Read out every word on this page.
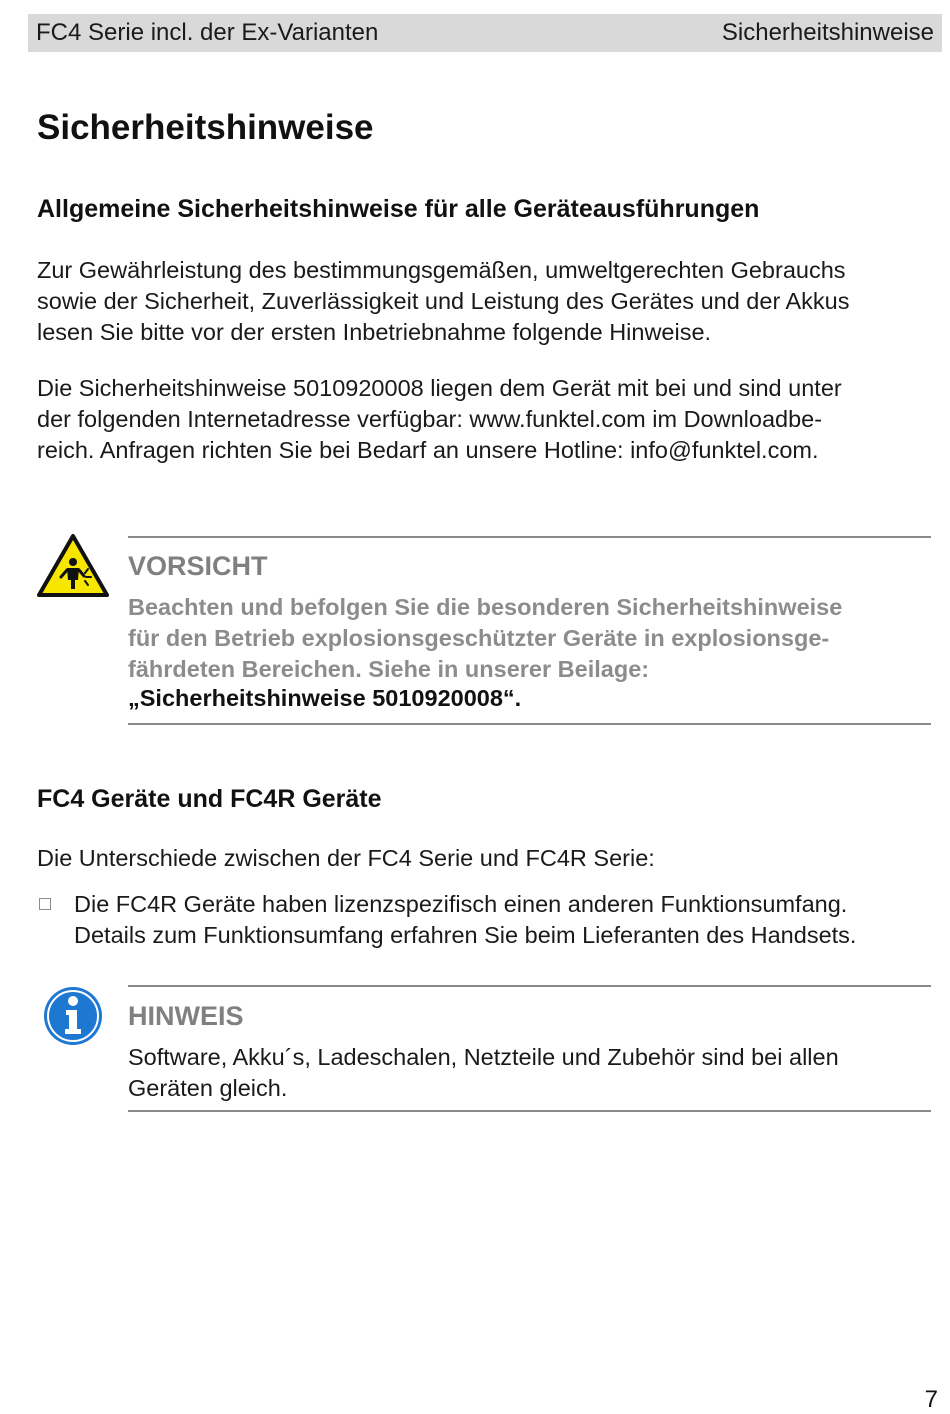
FC4 Serie incl. der Ex-Varianten	Sicherheitshinweise
Sicherheitshinweise
Allgemeine Sicherheitshinweise für alle Geräteausführungen
Zur Gewährleistung des bestimmungsgemäßen, umweltgerechten Gebrauchs
sowie der Sicherheit, Zuverlässigkeit und Leistung des Gerätes und der Akkus
lesen Sie bitte vor der ersten Inbetriebnahme folgende Hinweise.
Die Sicherheitshinweise 5010920008 liegen dem Gerät mit bei und sind unter
der folgenden Internetadresse verfügbar: www.funktel.com im Downloadbe-
reich. Anfragen richten Sie bei Bedarf an unsere Hotline: info@funktel.com.
VORSICHT
Beachten und befolgen Sie die besonderen Sicherheitshinweise
für den Betrieb explosionsgeschützter Geräte in explosionsge-
fährdeten Bereichen. Siehe in unserer Beilage:
„Sicherheitshinweise 5010920008“.
FC4 Geräte und FC4R Geräte
Die Unterschiede zwischen der FC4 Serie und FC4R Serie:
Die FC4R Geräte haben lizenzspezifisch einen anderen Funktionsumfang.
Details zum Funktionsumfang erfahren Sie beim Lieferanten des Handsets.
HINWEIS
Software, Akku´s, Ladeschalen, Netzteile und Zubehör sind bei allen
Geräten gleich.
7
